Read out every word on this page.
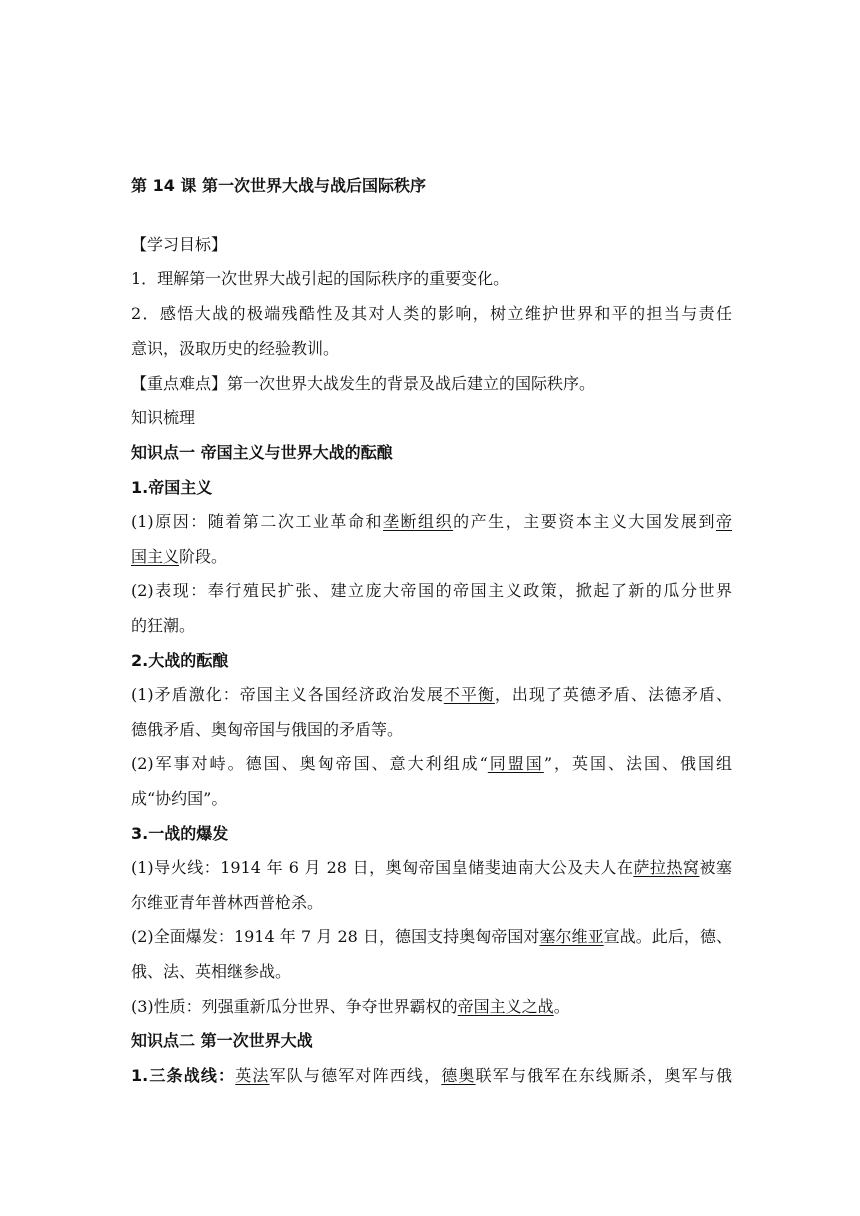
第 14 课 第一次世界大战与战后国际秩序
【学习目标】
1．理解第一次世界大战引起的国际秩序的重要变化。
2．感悟大战的极端残酷性及其对人类的影响，树立维护世界和平的担当与责任
意识，汲取历史的经验教训。
【重点难点】第一次世界大战发生的背景及战后建立的国际秩序。
知识梳理
知识点一 帝国主义与世界大战的酝酿
1.帝国主义
(1)原因：随着第二次工业革命和垄断组织的产生，主要资本主义大国发展到帝
国主义阶段。
(2)表现：奉行殖民扩张、建立庞大帝国的帝国主义政策，掀起了新的瓜分世界
的狂潮。
2.大战的酝酿
(1)矛盾激化：帝国主义各国经济政治发展不平衡，出现了英德矛盾、法德矛盾、
德俄矛盾、奥匈帝国与俄国的矛盾等。
(2)军事对峙。德国、奥匈帝国、意大利组成“同盟国”，英国、法国、俄国组
成“协约国”。
3.一战的爆发
(1)导火线：1914 年 6 月 28 日，奥匈帝国皇储斐迪南大公及夫人在萨拉热窝被塞
尔维亚青年普林西普枪杀。
(2)全面爆发：1914 年 7 月 28 日，德国支持奥匈帝国对塞尔维亚宣战。此后，德、
俄、法、英相继参战。
(3)性质：列强重新瓜分世界、争夺世界霸权的帝国主义之战。
知识点二 第一次世界大战
1.三条战线：英法军队与德军对阵西线，德奥联军与俄军在东线厮杀，奥军与俄
